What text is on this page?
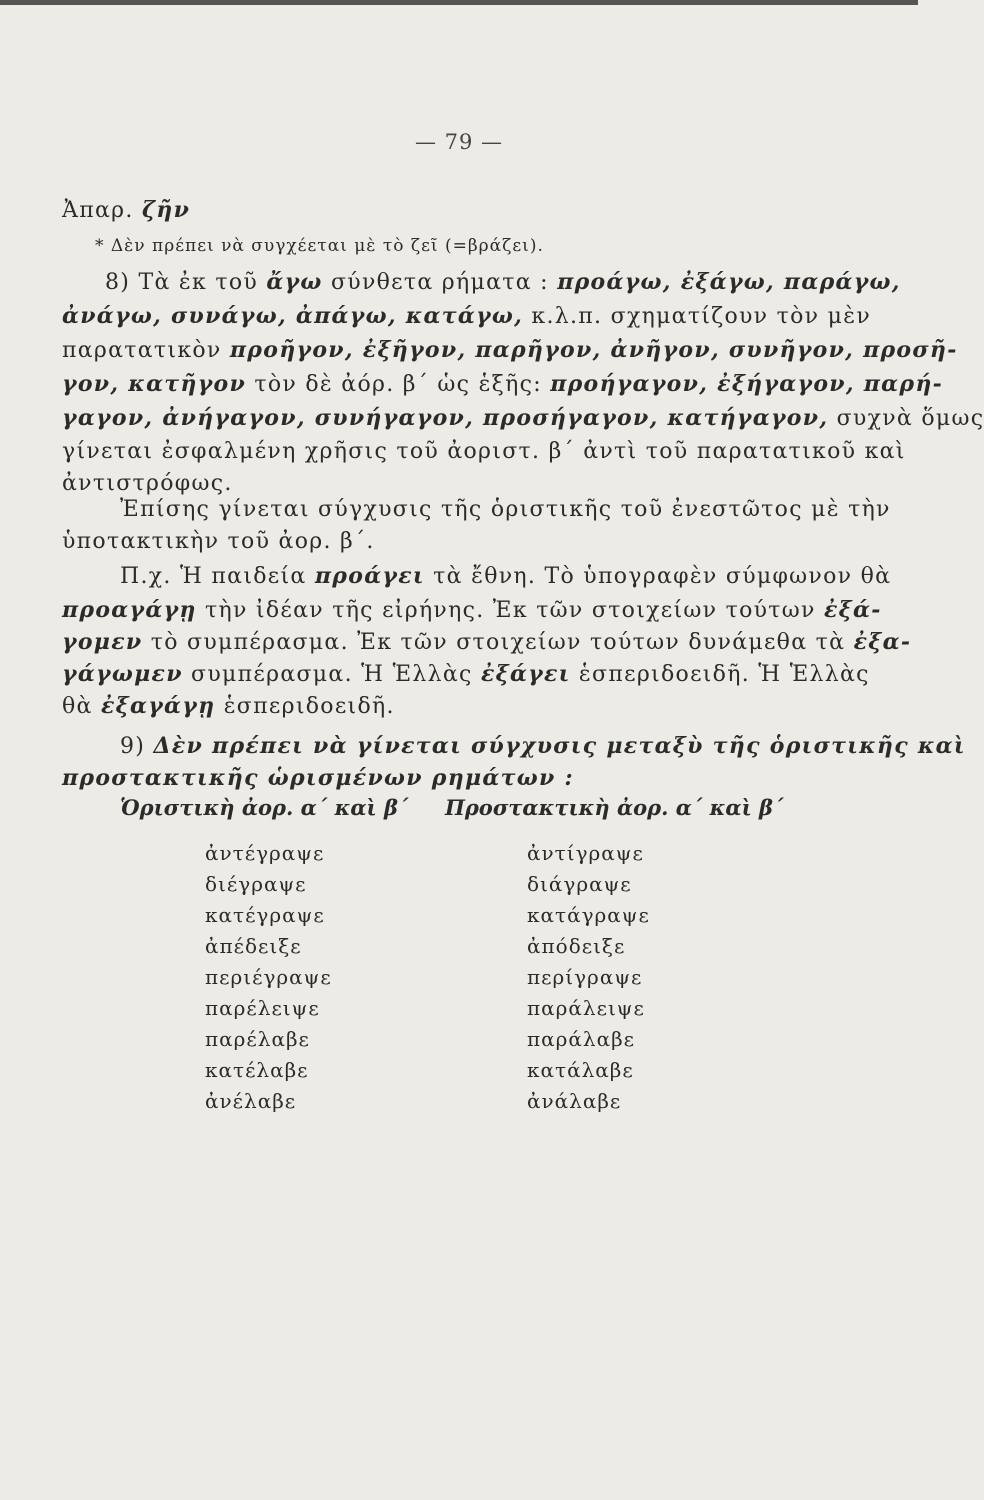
— 79 —
Ἀπαρ. ζῆν
* Δὲν πρέπει νὰ συγχέεται μὲ τὸ ζεῖ (=βράζει).
8) Τὰ ἐκ τοῦ ἄγω σύνθετα ρήματα : προάγω, ἐξάγω, παράγω,
ἀνάγω, συνάγω, ἀπάγω, κατάγω, κ.λ.π. σχηματίζουν τὸν μὲν
παρατατικὸν προῆγον, ἐξῆγον, παρῆγον, ἀνῆγον, συνῆγον, προσῆ-
γον, κατῆγον τὸν δὲ ἀόρ. β΄ ὡς ἑξῆς: προήγαγον, ἐξήγαγον, παρή-
γαγον, ἀνήγαγον, συνήγαγον, προσήγαγον, κατήγαγον, συχνὰ ὅμως
γίνεται ἐσφαλμένη χρῆσις τοῦ ἀοριστ. β΄ ἀντὶ τοῦ παρατατικοῦ καὶ
ἀντιστρόφως.
Ἐπίσης γίνεται σύγχυσις τῆς ὁριστικῆς τοῦ ἐνεστῶτος μὲ τὴν
ὑποτακτικὴν τοῦ ἀορ. β΄.
Π.χ. Ἡ παιδεία προάγει τὰ ἔθνη. Τὸ ὑπογραφὲν σύμφωνον θὰ
προαγάγῃ τὴν ἰδέαν τῆς εἰρήνης. Ἐκ τῶν στοιχείων τούτων ἐξά-
γομεν τὸ συμπέρασμα. Ἐκ τῶν στοιχείων τούτων δυνάμεθα τὰ ἐξα-
γάγωμεν συμπέρασμα. Ἡ Ἑλλὰς ἐξάγει ἑσπεριδοειδῆ. Ἡ Ἑλλὰς
θὰ ἐξαγάγῃ ἑσπεριδοειδῆ.
9) Δὲν πρέπει νὰ γίνεται σύγχυσις μεταξὺ τῆς ὁριστικῆς καὶ
προστακτικῆς ὡρισμένων ρημάτων :
Ὁριστικὴ ἀορ. α΄ καὶ β΄ Προστακτικὴ ἀορ. α΄ καὶ β΄
ἀντέγραψε
διέγραψε
κατέγραψε
ἀπέδειξε
περιέγραψε
παρέλειψε
παρέλαβε
κατέλαβε
ἀνέλαβε
ἀντίγραψε
διάγραψε
κατάγραψε
ἀπόδειξε
περίγραψε
παράλειψε
παράλαβε
κατάλαβε
ἀνάλαβε
